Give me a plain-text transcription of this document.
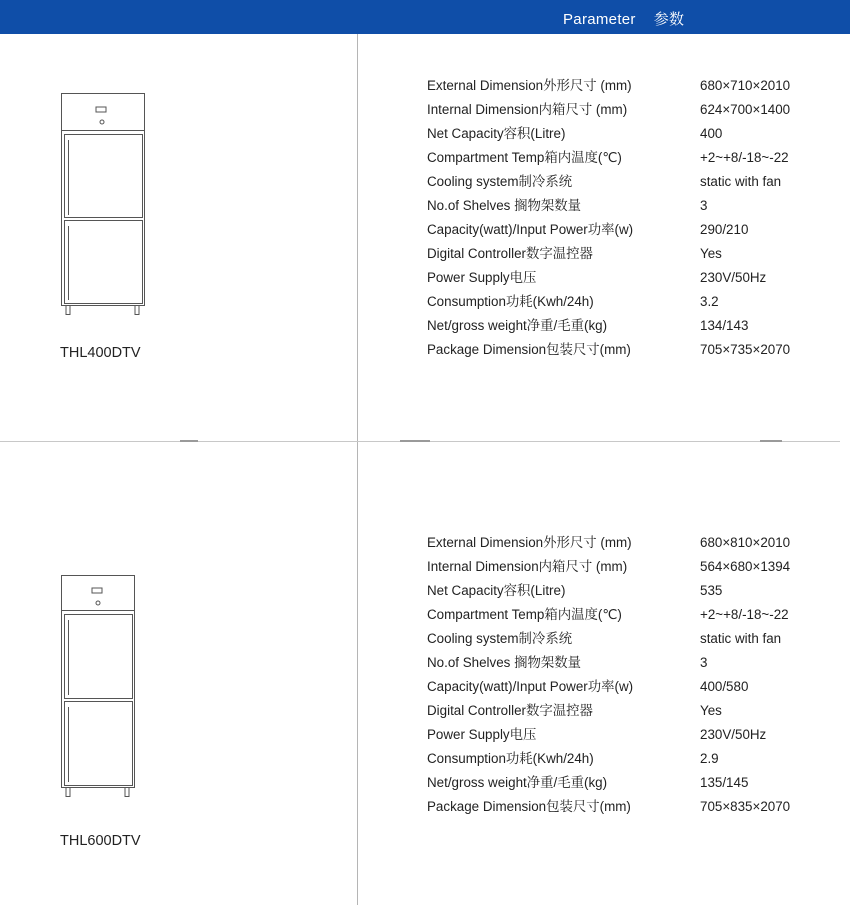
Parameter 参数
THL400DTV
External Dimension外形尺寸 (mm)	680×710×2010
Internal Dimension内箱尺寸 (mm)	624×700×1400
Net Capacity容积(Litre)	400
Compartment Temp箱内温度(℃)	+2~+8/-18~-22
Cooling system制冷系统	static with fan
No.of Shelves 搁物架数量	3
Capacity(watt)/Input Power功率(w)	290/210
Digital Controller数字温控器	Yes
Power Supply电压	230V/50Hz
Consumption功耗(Kwh/24h)	3.2
Net/gross weight净重/毛重(kg)	134/143
Package Dimension包装尺寸(mm)	705×735×2070
THL600DTV
External Dimension外形尺寸 (mm)	680×810×2010
Internal Dimension内箱尺寸 (mm)	564×680×1394
Net Capacity容积(Litre)	535
Compartment Temp箱内温度(℃)	+2~+8/-18~-22
Cooling system制冷系统	static with fan
No.of Shelves 搁物架数量	3
Capacity(watt)/Input Power功率(w)	400/580
Digital Controller数字温控器	Yes
Power Supply电压	230V/50Hz
Consumption功耗(Kwh/24h)	2.9
Net/gross weight净重/毛重(kg)	135/145
Package Dimension包装尺寸(mm)	705×835×2070
